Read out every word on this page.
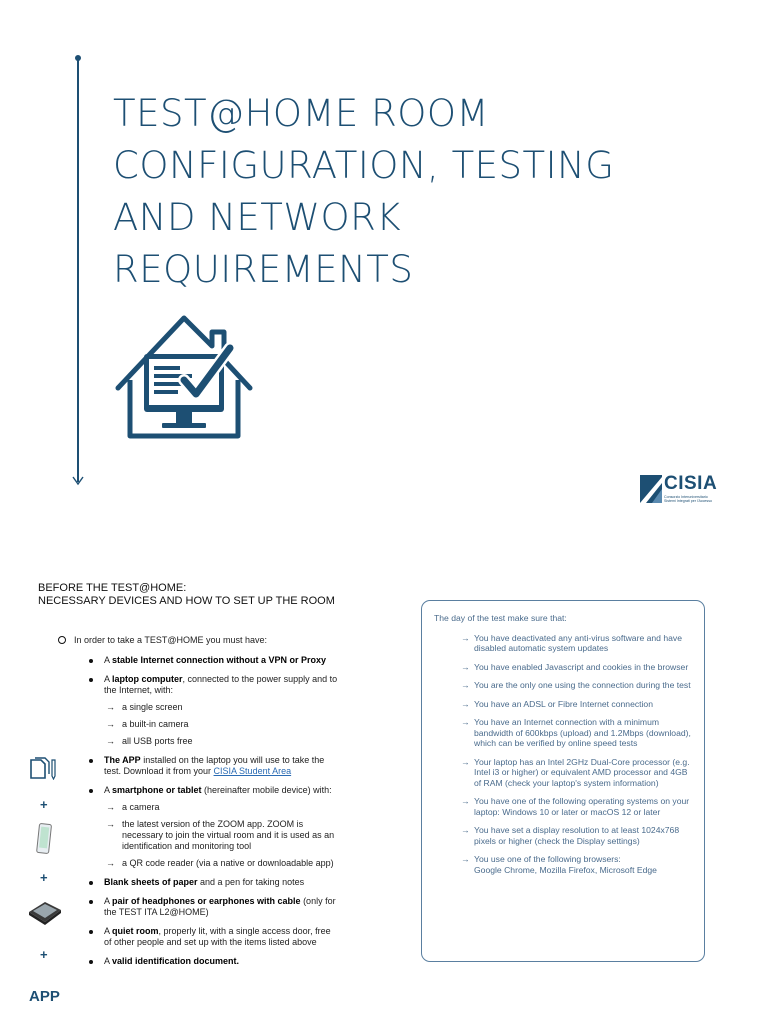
TEST@HOME ROOM
CONFIGURATION, TESTING
AND NETWORK
REQUIREMENTS
CISIA
Consorzio Interuniversitario
Sistemi Integrati per l'Accesso
BEFORE THE TEST@HOME:
NECESSARY DEVICES AND HOW TO SET UP THE ROOM
In order to take a TEST@HOME you must have:
A stable Internet connection without a VPN or Proxy
A laptop computer, connected to the power supply and to the Internet, with:
→ a single screen
→ a built-in camera
→ all USB ports free
The APP installed on the laptop you will use to take the test. Download it from your CISIA Student Area
A smartphone or tablet (hereinafter mobile device) with:
→ a camera
→ the latest version of the ZOOM app. ZOOM is necessary to join the virtual room and it is used as an identification and monitoring tool
→ a QR code reader (via a native or downloadable app)
Blank sheets of paper and a pen for taking notes
A pair of headphones or earphones with cable (only for the TEST ITA L2@HOME)
A quiet room, properly lit, with a single access door, free of other people and set up with the items listed above
A valid identification document.
+
+
+
APP
The day of the test make sure that:
→ You have deactivated any anti-virus software and have disabled automatic system updates
→ You have enabled Javascript and cookies in the browser
→ You are the only one using the connection during the test
→ You have an ADSL or Fibre Internet connection
→ You have an Internet connection with a minimum bandwidth of 600kbps (upload) and 1.2Mbps (download), which can be verified by online speed tests
→ Your laptop has an Intel 2GHz Dual-Core processor (e.g. Intel i3 or higher) or equivalent AMD processor and 4GB of RAM (check your laptop's system information)
→ You have one of the following operating systems on your laptop: Windows 10 or later or macOS 12 or later
→ You have set a display resolution to at least 1024x768 pixels or higher (check the Display settings)
→ You use one of the following browsers:
Google Chrome, Mozilla Firefox, Microsoft Edge
